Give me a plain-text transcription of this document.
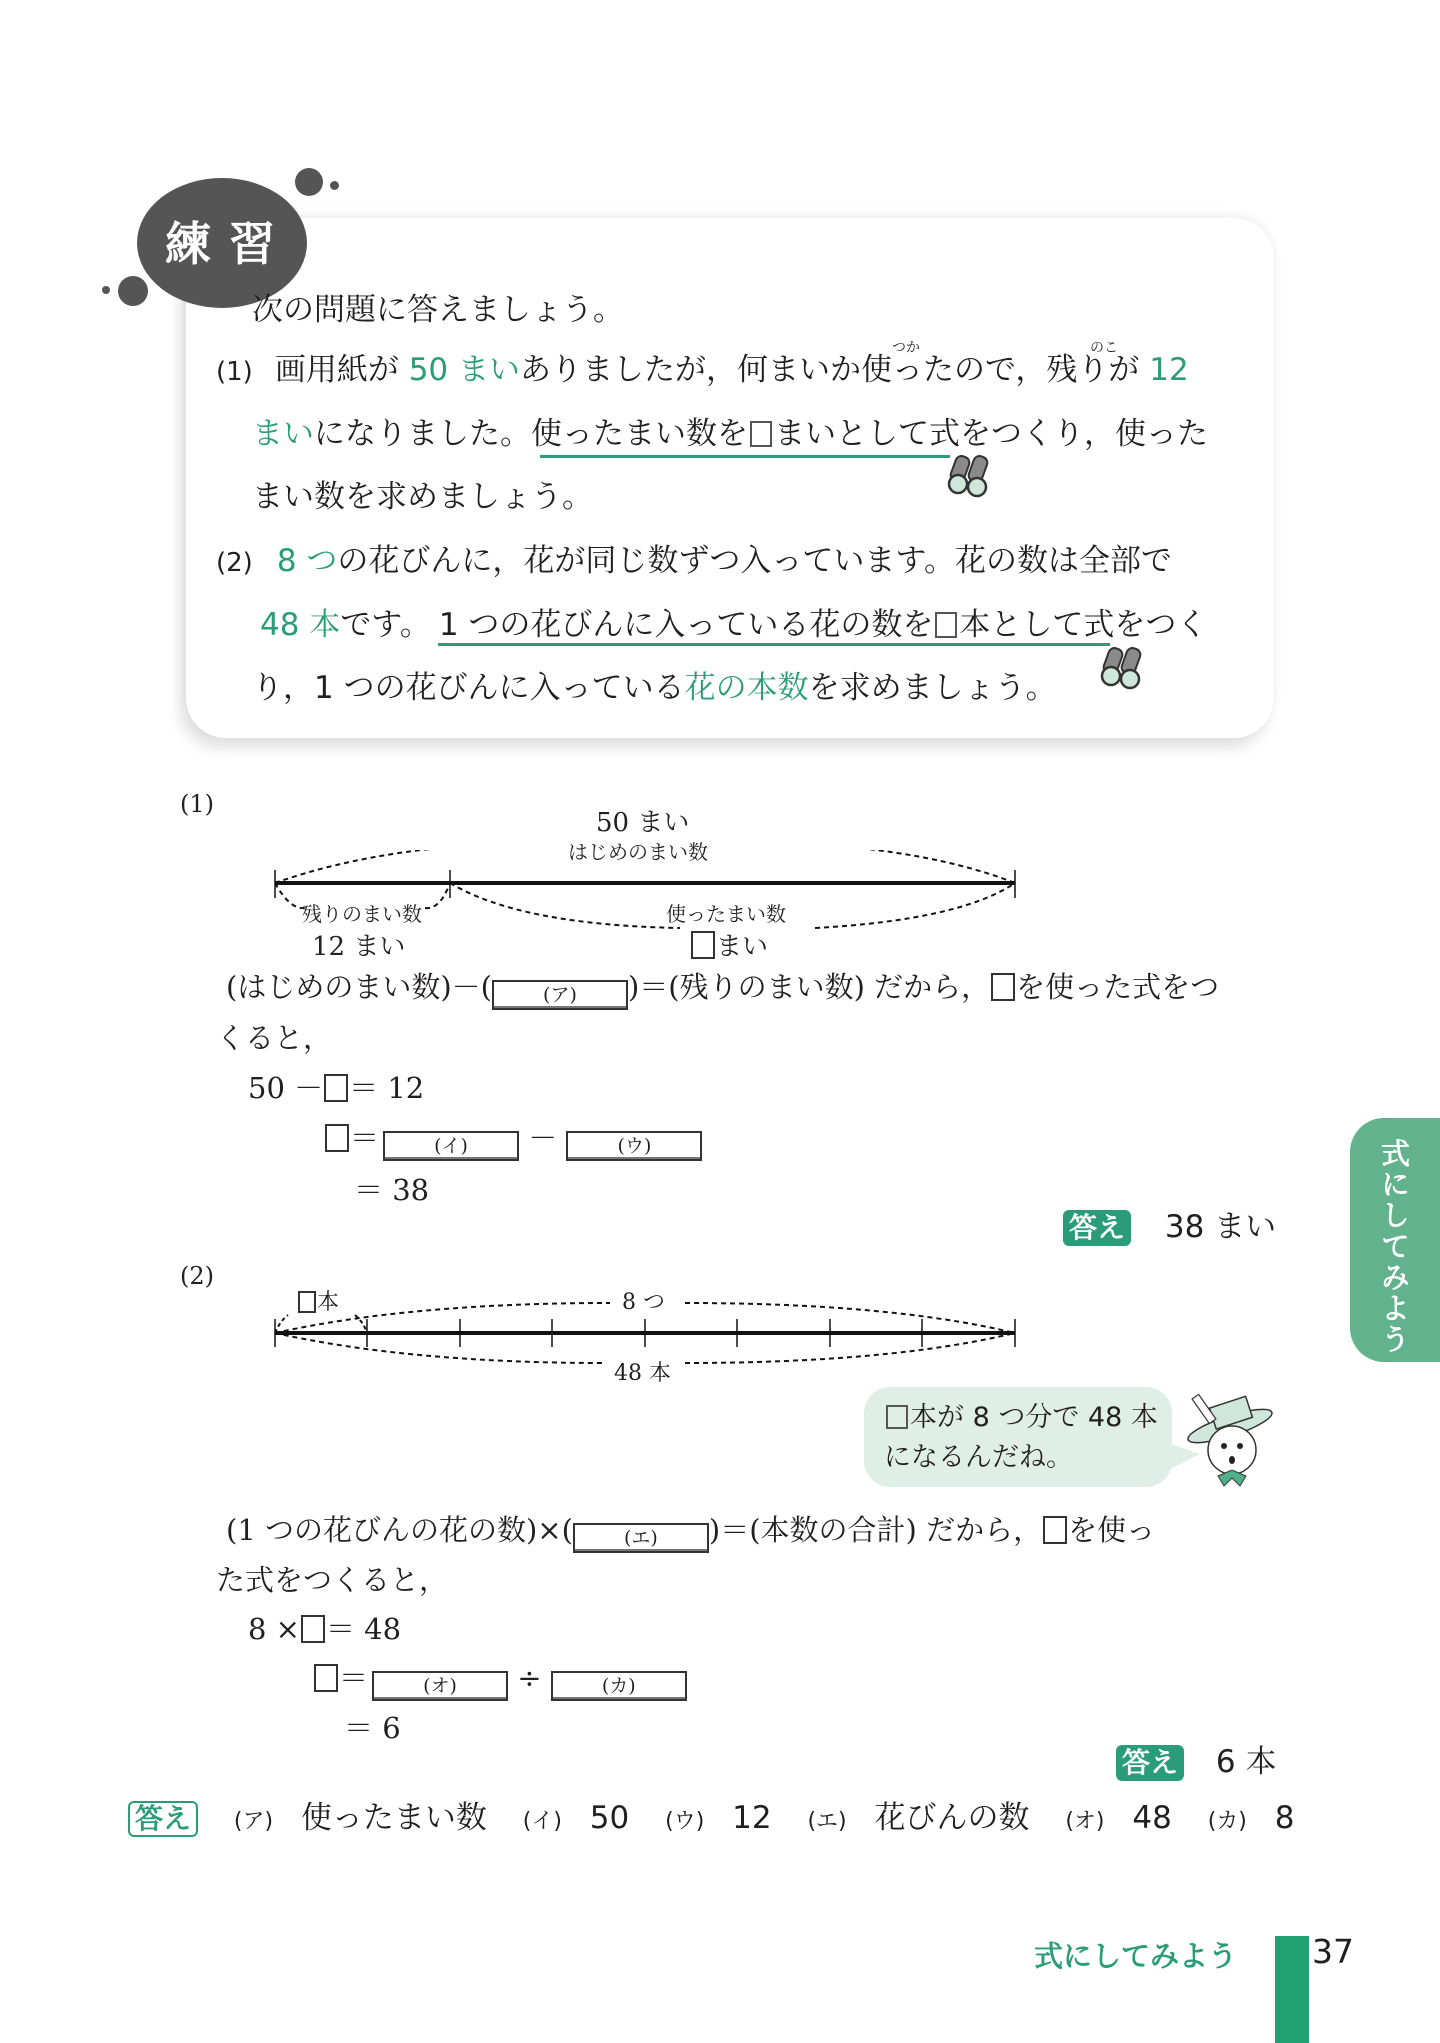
練習
次の問題に答えましょう。
つか	のこ
(1) 画用紙が 50 まいありましたが，何まいか使ったので，残りが 12
まいになりました。使ったまい数を まいとして式をつくり，使った
まい数を求めましょう。
(2) 8 つの花びんに，花が同じ数ずつ入っています。花の数は全部で
48 本です。 1 つの花びんに入っている花の数を 本として式をつく
り，1 つの花びんに入っている花の本数を求めましょう。
(1)
50 まい
はじめのまい数
残りのまい数
12 まい
使ったまい数
まい
(はじめのまい数)－(	(ア) )＝(残りのまい数) だから， を使った式をつ
くると，
50 － ＝ 12
＝	(イ) －	(ウ)
＝ 38
答え 38 まい	式にしてみよう
(2)
本	8 つ
48 本
本が 8 つ分で 48 本
になるんだね。
(1 つの花びんの花の数)×(	(エ) )＝(本数の合計) だから， を使っ
た式をつくると，
8 × ＝ 48
＝	(オ) ÷	(カ)
＝ 6
答え 6 本
答え (ア) 使ったまい数 (イ) 50 (ウ) 12 (エ) 花びんの数 (オ) 48 (カ) 8
式にしてみよう 37
